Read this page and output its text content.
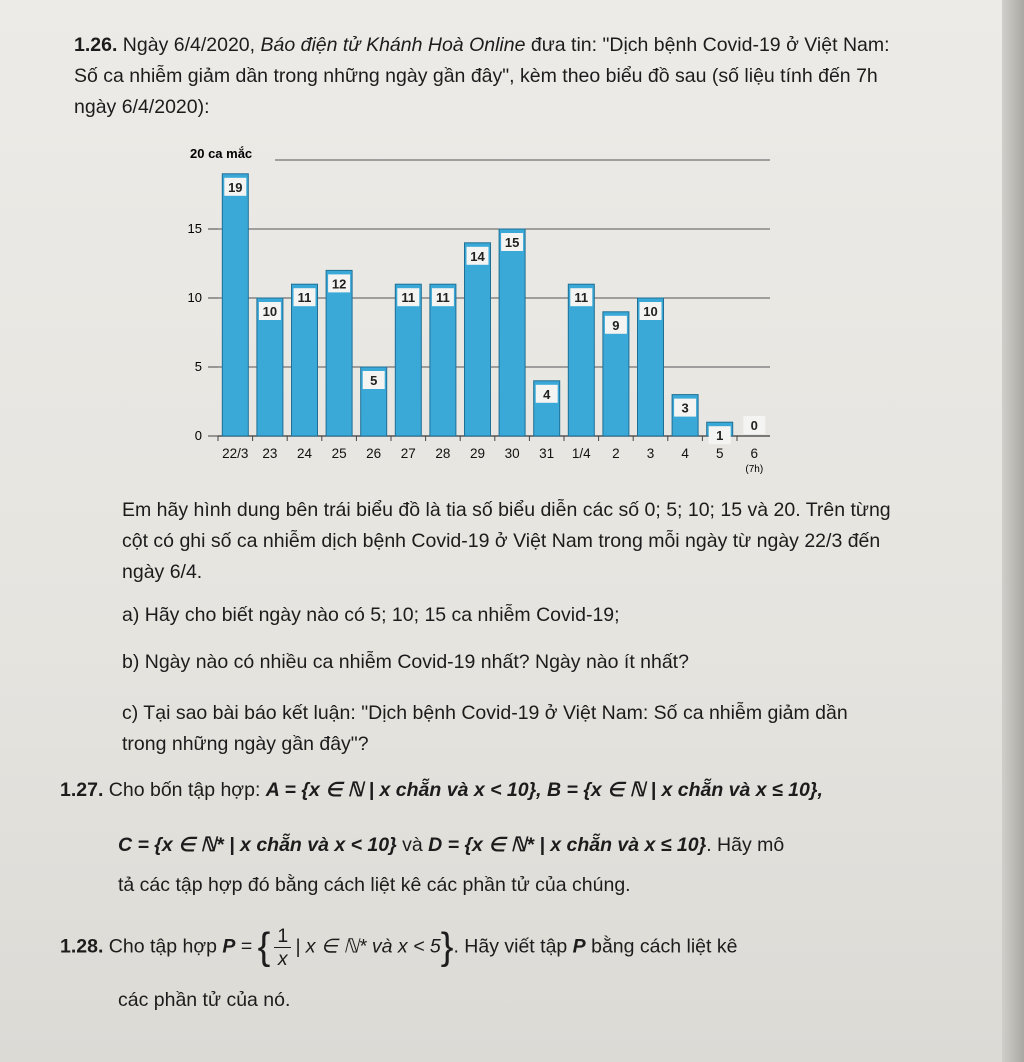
1.26. Ngày 6/4/2020, Báo điện tử Khánh Hoà Online đưa tin: "Dịch bệnh Covid-19 ở Việt Nam: Số ca nhiễm giảm dần trong những ngày gần đây", kèm theo biểu đồ sau (số liệu tính đến 7h ngày 6/4/2020):
0
5
10
15
19
22/3
10
23
11
24
12
25
5
26
11
27
11
28
14
29
15
30
4
31
11
1/4
9
2
10
3
3
4
1
5
0
6
(7h)
20 ca mắc
Em hãy hình dung bên trái biểu đồ là tia số biểu diễn các số 0; 5; 10; 15 và 20. Trên từng cột có ghi số ca nhiễm dịch bệnh Covid-19 ở Việt Nam trong mỗi ngày từ ngày 22/3 đến ngày 6/4.
a) Hãy cho biết ngày nào có 5; 10; 15 ca nhiễm Covid-19;
b) Ngày nào có nhiều ca nhiễm Covid-19 nhất? Ngày nào ít nhất?
c) Tại sao bài báo kết luận: "Dịch bệnh Covid-19 ở Việt Nam: Số ca nhiễm giảm dần trong những ngày gần đây"?
1.27. Cho bốn tập hợp: A = {x ∈ ℕ | x chẵn và x < 10}, B = {x ∈ ℕ | x chẵn và x ≤ 10},
C = {x ∈ ℕ* | x chẵn và x < 10} và D = {x ∈ ℕ* | x chẵn và x ≤ 10}. Hãy mô
tả các tập hợp đó bằng cách liệt kê các phần tử của chúng.
1.28. Cho tập hợp P = { $\frac{1}{x}$ | x ∈ ℕ* và x < 5}. Hãy viết tập P bằng cách liệt kê
các phần tử của nó.
